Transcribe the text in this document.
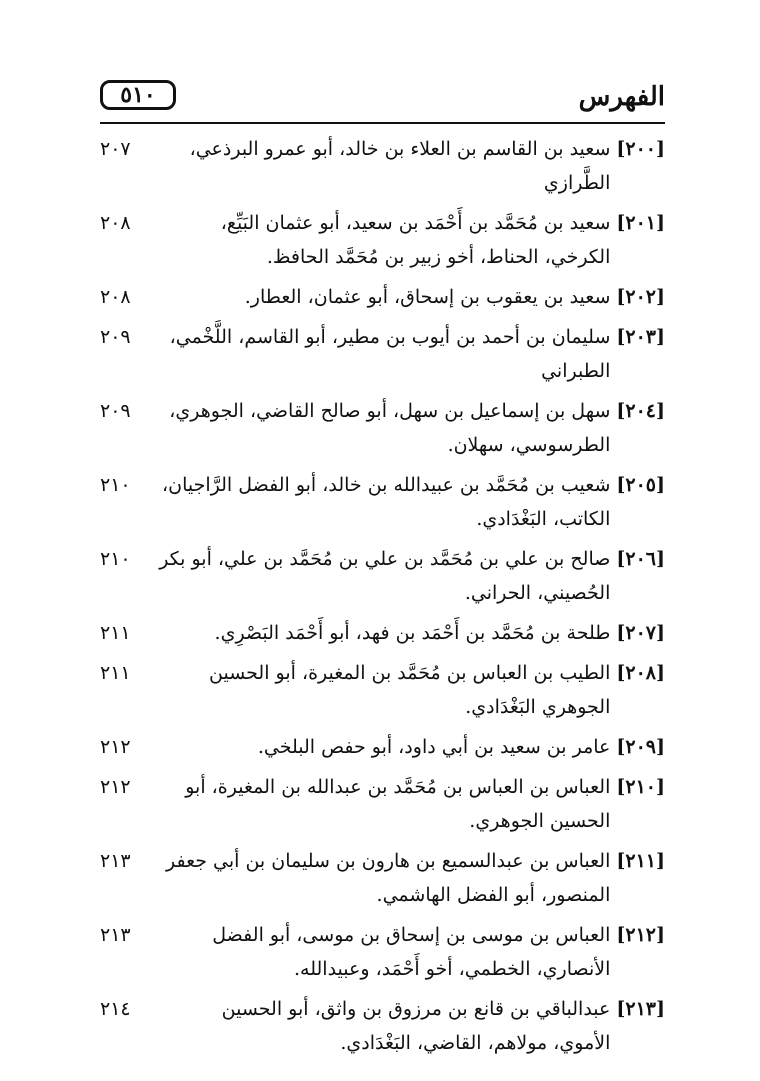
الفهرس
٥١٠
[٢٠٠]
سعيد بن القاسم بن العلاء بن خالد، أبو عمرو البرذعي،
الطَّرازي
٢٠٧
[٢٠١]
سعيد بن مُحَمَّد بن أَحْمَد بن سعيد، أبو عثمان البَيِّع،
الكرخي، الحناط، أخو زبير بن مُحَمَّد الحافظ.
٢٠٨
[٢٠٢]
سعيد بن يعقوب بن إسحاق، أبو عثمان، العطار.
٢٠٨
[٢٠٣]
سليمان بن أحمد بن أيوب بن مطير، أبو القاسم، اللَّخْمي،
الطبراني
٢٠٩
[٢٠٤]
سهل بن إسماعيل بن سهل، أبو صالح القاضي، الجوهري،
الطرسوسي، سهلان.
٢٠٩
[٢٠٥]
شعيب بن مُحَمَّد بن عبيدالله بن خالد، أبو الفضل الرَّاجيان،
الكاتب، البَغْدَادي.
٢١٠
[٢٠٦]
صالح بن علي بن مُحَمَّد بن علي بن مُحَمَّد بن علي، أبو بكر
الحُصيني، الحراني.
٢١٠
[٢٠٧]
طلحة بن مُحَمَّد بن أَحْمَد بن فهد، أبو أَحْمَد البَصْرِي.
٢١١
[٢٠٨]
الطيب بن العباس بن مُحَمَّد بن المغيرة، أبو الحسين
الجوهري البَغْدَادي.
٢١١
[٢٠٩]
عامر بن سعيد بن أبي داود، أبو حفص البلخي.
٢١٢
[٢١٠]
العباس بن العباس بن مُحَمَّد بن عبدالله بن المغيرة، أبو
الحسين الجوهري.
٢١٢
[٢١١]
العباس بن عبدالسميع بن هارون بن سليمان بن أبي جعفر
المنصور، أبو الفضل الهاشمي.
٢١٣
[٢١٢]
العباس بن موسى بن إسحاق بن موسى، أبو الفضل
الأنصاري، الخطمي، أخو أَحْمَد، وعبيدالله.
٢١٣
[٢١٣]
عبدالباقي بن قانع بن مرزوق بن واثق، أبو الحسين
الأموي، مولاهم، القاضي، البَغْدَادي.
٢١٤
